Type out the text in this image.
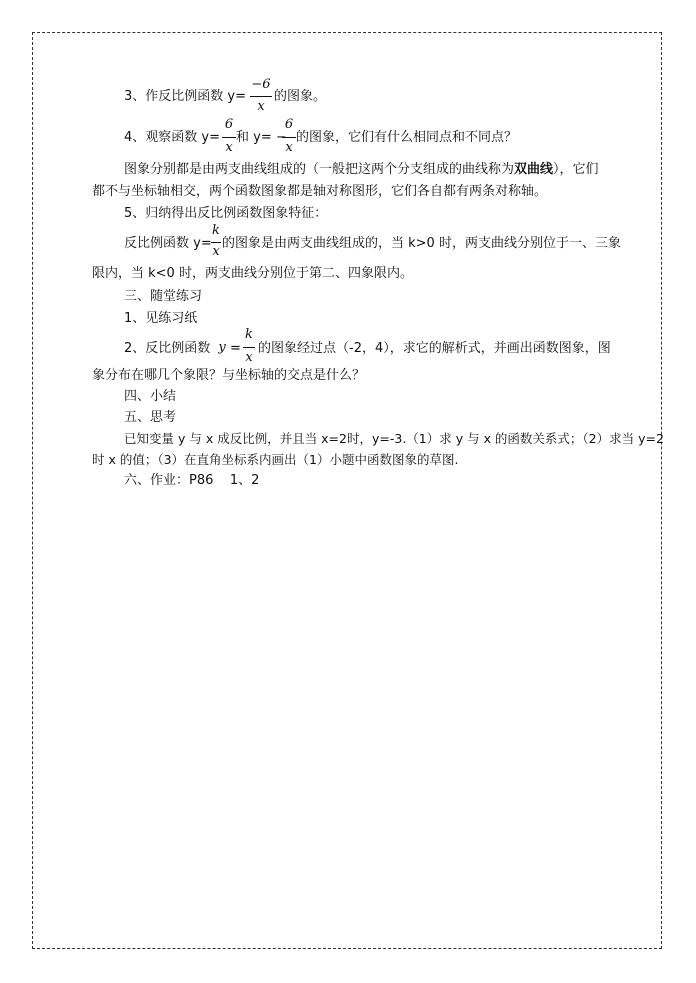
3、作反比例函数 y=
−6
x
的图象。
4、观察函数 y=
6
x
和 y= −
6
x
的图象，它们有什么相同点和不同点？
图象分别都是由两支曲线组成的（一般把这两个分支组成的曲线称为双曲线），它们
都不与坐标轴相交，两个函数图象都是轴对称图形，它们各自都有两条对称轴。
5、归纳得出反比例函数图象特征：
反比例函数 y=
k
x
的图象是由两支曲线组成的，当 k>0 时，两支曲线分别位于一、三象
限内，当 k<0 时，两支曲线分别位于第二、四象限内。
三、随堂练习
1、见练习纸
2、反比例函数 y =
k
x
的图象经过点（-2，4），求它的解析式，并画出函数图象，图
象分布在哪几个象限？与坐标轴的交点是什么？
四、小结
五、思考
已知变量 y 与 x 成反比例，并且当 x=2时，y=-3.（1）求 y 与 x 的函数关系式；（2）求当 y=2
时 x 的值；（3）在直角坐标系内画出（1）小题中函数图象的草图.
六、作业：P86    1、2
